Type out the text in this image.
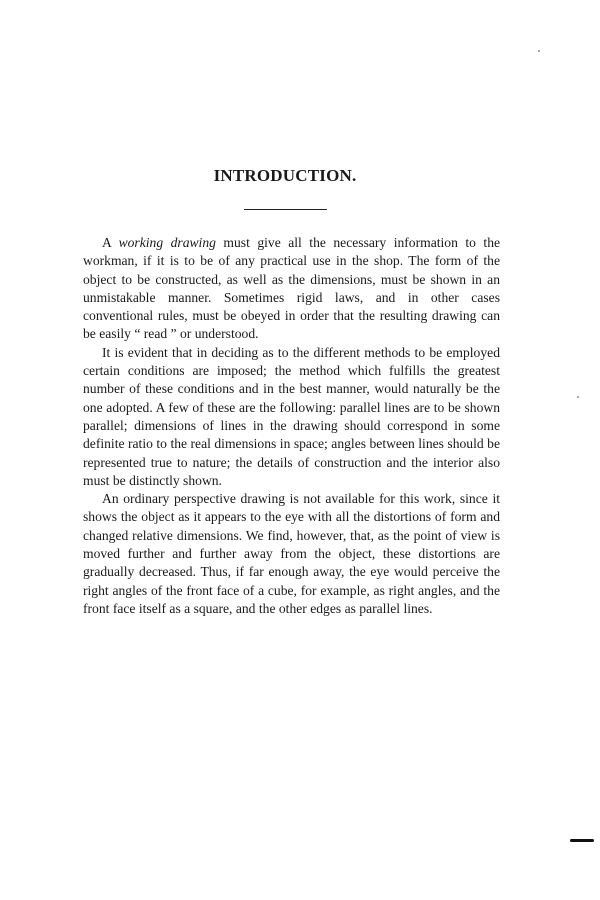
INTRODUCTION.

A working drawing must give all the necessary information to the workman, if it is to be of any practical use in the shop. The form of the object to be constructed, as well as the dimensions, must be shown in an unmistakable manner. Sometimes rigid laws, and in other cases conventional rules, must be obeyed in order that the resulting drawing can be easily “ read ” or understood.

It is evident that in deciding as to the different methods to be employed certain conditions are imposed; the method which fulfills the greatest number of these conditions and in the best manner, would naturally be the one adopted. A few of these are the following: parallel lines are to be shown parallel; dimensions of lines in the drawing should correspond in some definite ratio to the real dimensions in space; angles between lines should be represented true to nature; the details of construction and the interior also must be distinctly shown.

An ordinary perspective drawing is not available for this work, since it shows the object as it appears to the eye with all the distortions of form and changed relative dimensions. We find, however, that, as the point of view is moved further and further away from the object, these distortions are gradually decreased. Thus, if far enough away, the eye would perceive the right angles of the front face of a cube, for example, as right angles, and the front face itself as a square, and the other edges as parallel lines.
